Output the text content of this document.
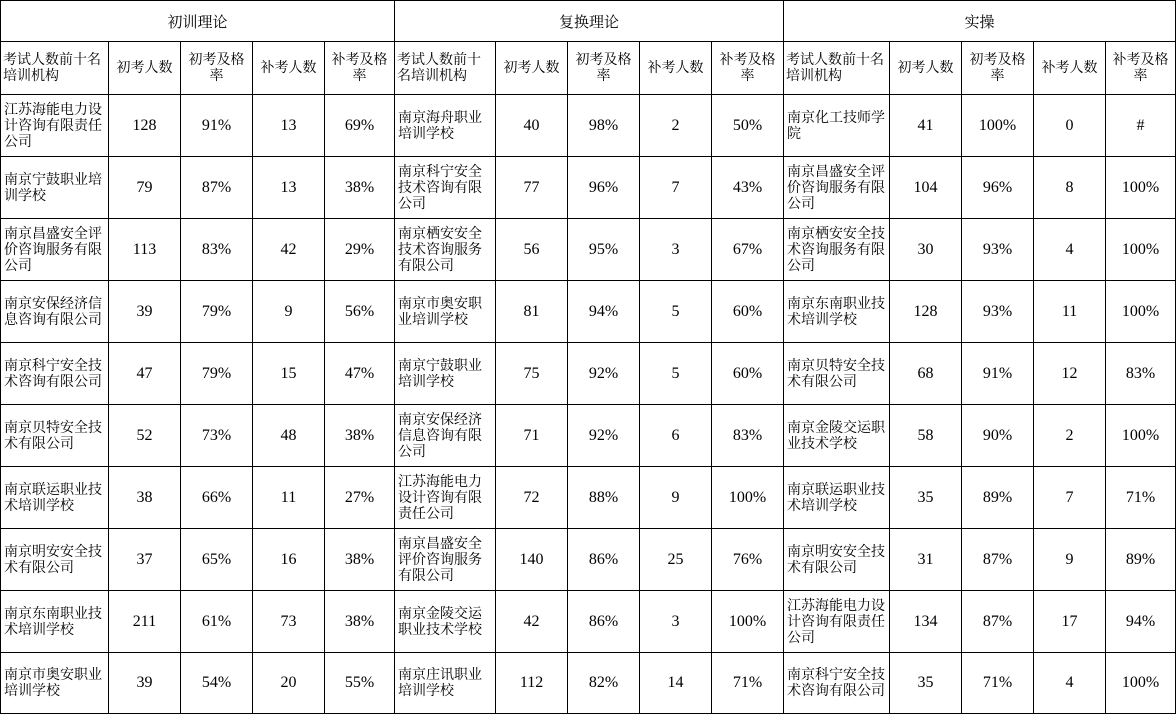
初训理论					复换理论					实操				
考试人数前十名培训机构	初考人数	初考及格率	补考人数	补考及格率	考试人数前十名培训机构	初考人数	初考及格率	补考人数	补考及格率	考试人数前十名培训机构	初考人数	初考及格率	补考人数	补考及格率
江苏海能电力设计咨询有限责任公司	128	91%	13	69%	南京海舟职业培训学校	40	98%	2	50%	南京化工技师学院	41	100%	0	#
南京宁鼓职业培训学校	79	87%	13	38%	南京科宁安全技术咨询有限公司	77	96%	7	43%	南京昌盛安全评价咨询服务有限公司	104	96%	8	100%
南京昌盛安全评价咨询服务有限公司	113	83%	42	29%	南京栖安安全技术咨询服务有限公司	56	95%	3	67%	南京栖安安全技术咨询服务有限公司	30	93%	4	100%
南京安保经济信息咨询有限公司	39	79%	9	56%	南京市奥安职业培训学校	81	94%	5	60%	南京东南职业技术培训学校	128	93%	11	100%
南京科宁安全技术咨询有限公司	47	79%	15	47%	南京宁鼓职业培训学校	75	92%	5	60%	南京贝特安全技术有限公司	68	91%	12	83%
南京贝特安全技术有限公司	52	73%	48	38%	南京安保经济信息咨询有限公司	71	92%	6	83%	南京金陵交运职业技术学校	58	90%	2	100%
南京联运职业技术培训学校	38	66%	11	27%	江苏海能电力设计咨询有限责任公司	72	88%	9	100%	南京联运职业技术培训学校	35	89%	7	71%
南京明安安全技术有限公司	37	65%	16	38%	南京昌盛安全评价咨询服务有限公司	140	86%	25	76%	南京明安安全技术有限公司	31	87%	9	89%
南京东南职业技术培训学校	211	61%	73	38%	南京金陵交运职业技术学校	42	86%	3	100%	江苏海能电力设计咨询有限责任公司	134	87%	17	94%
南京市奥安职业培训学校	39	54%	20	55%	南京庄讯职业培训学校	112	82%	14	71%	南京科宁安全技术咨询有限公司	35	71%	4	100%
